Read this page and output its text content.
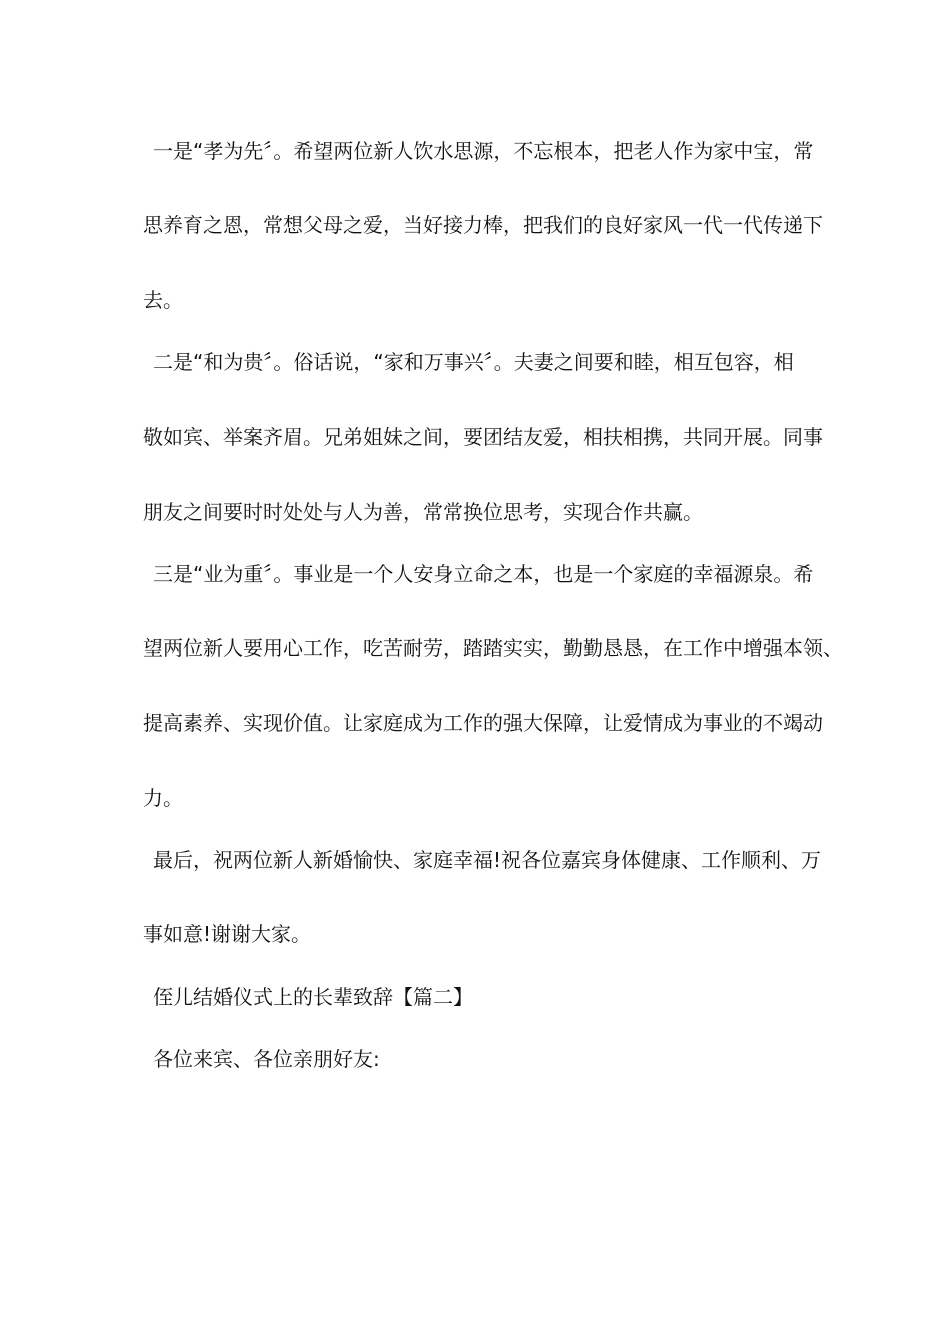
一是“孝为先〞。希望两位新人饮水思源，不忘根本，把老人作为家中宝，常
思养育之恩，常想父母之爱，当好接力棒，把我们的良好家风一代一代传递下
去。
二是“和为贵〞。俗话说，“家和万事兴〞。夫妻之间要和睦，相互包容，相
敬如宾、举案齐眉。兄弟姐妹之间，要团结友爱，相扶相携，共同开展。同事
朋友之间要时时处处与人为善，常常换位思考，实现合作共赢。
三是“业为重〞。事业是一个人安身立命之本，也是一个家庭的幸福源泉。希
望两位新人要用心工作，吃苦耐劳，踏踏实实，勤勤恳恳，在工作中增强本领、
提高素养、实现价值。让家庭成为工作的强大保障，让爱情成为事业的不竭动
力。
最后，祝两位新人新婚愉快、家庭幸福!祝各位嘉宾身体健康、工作顺利、万
事如意!谢谢大家。
侄儿结婚仪式上的长辈致辞【篇二】
各位来宾、各位亲朋好友:
